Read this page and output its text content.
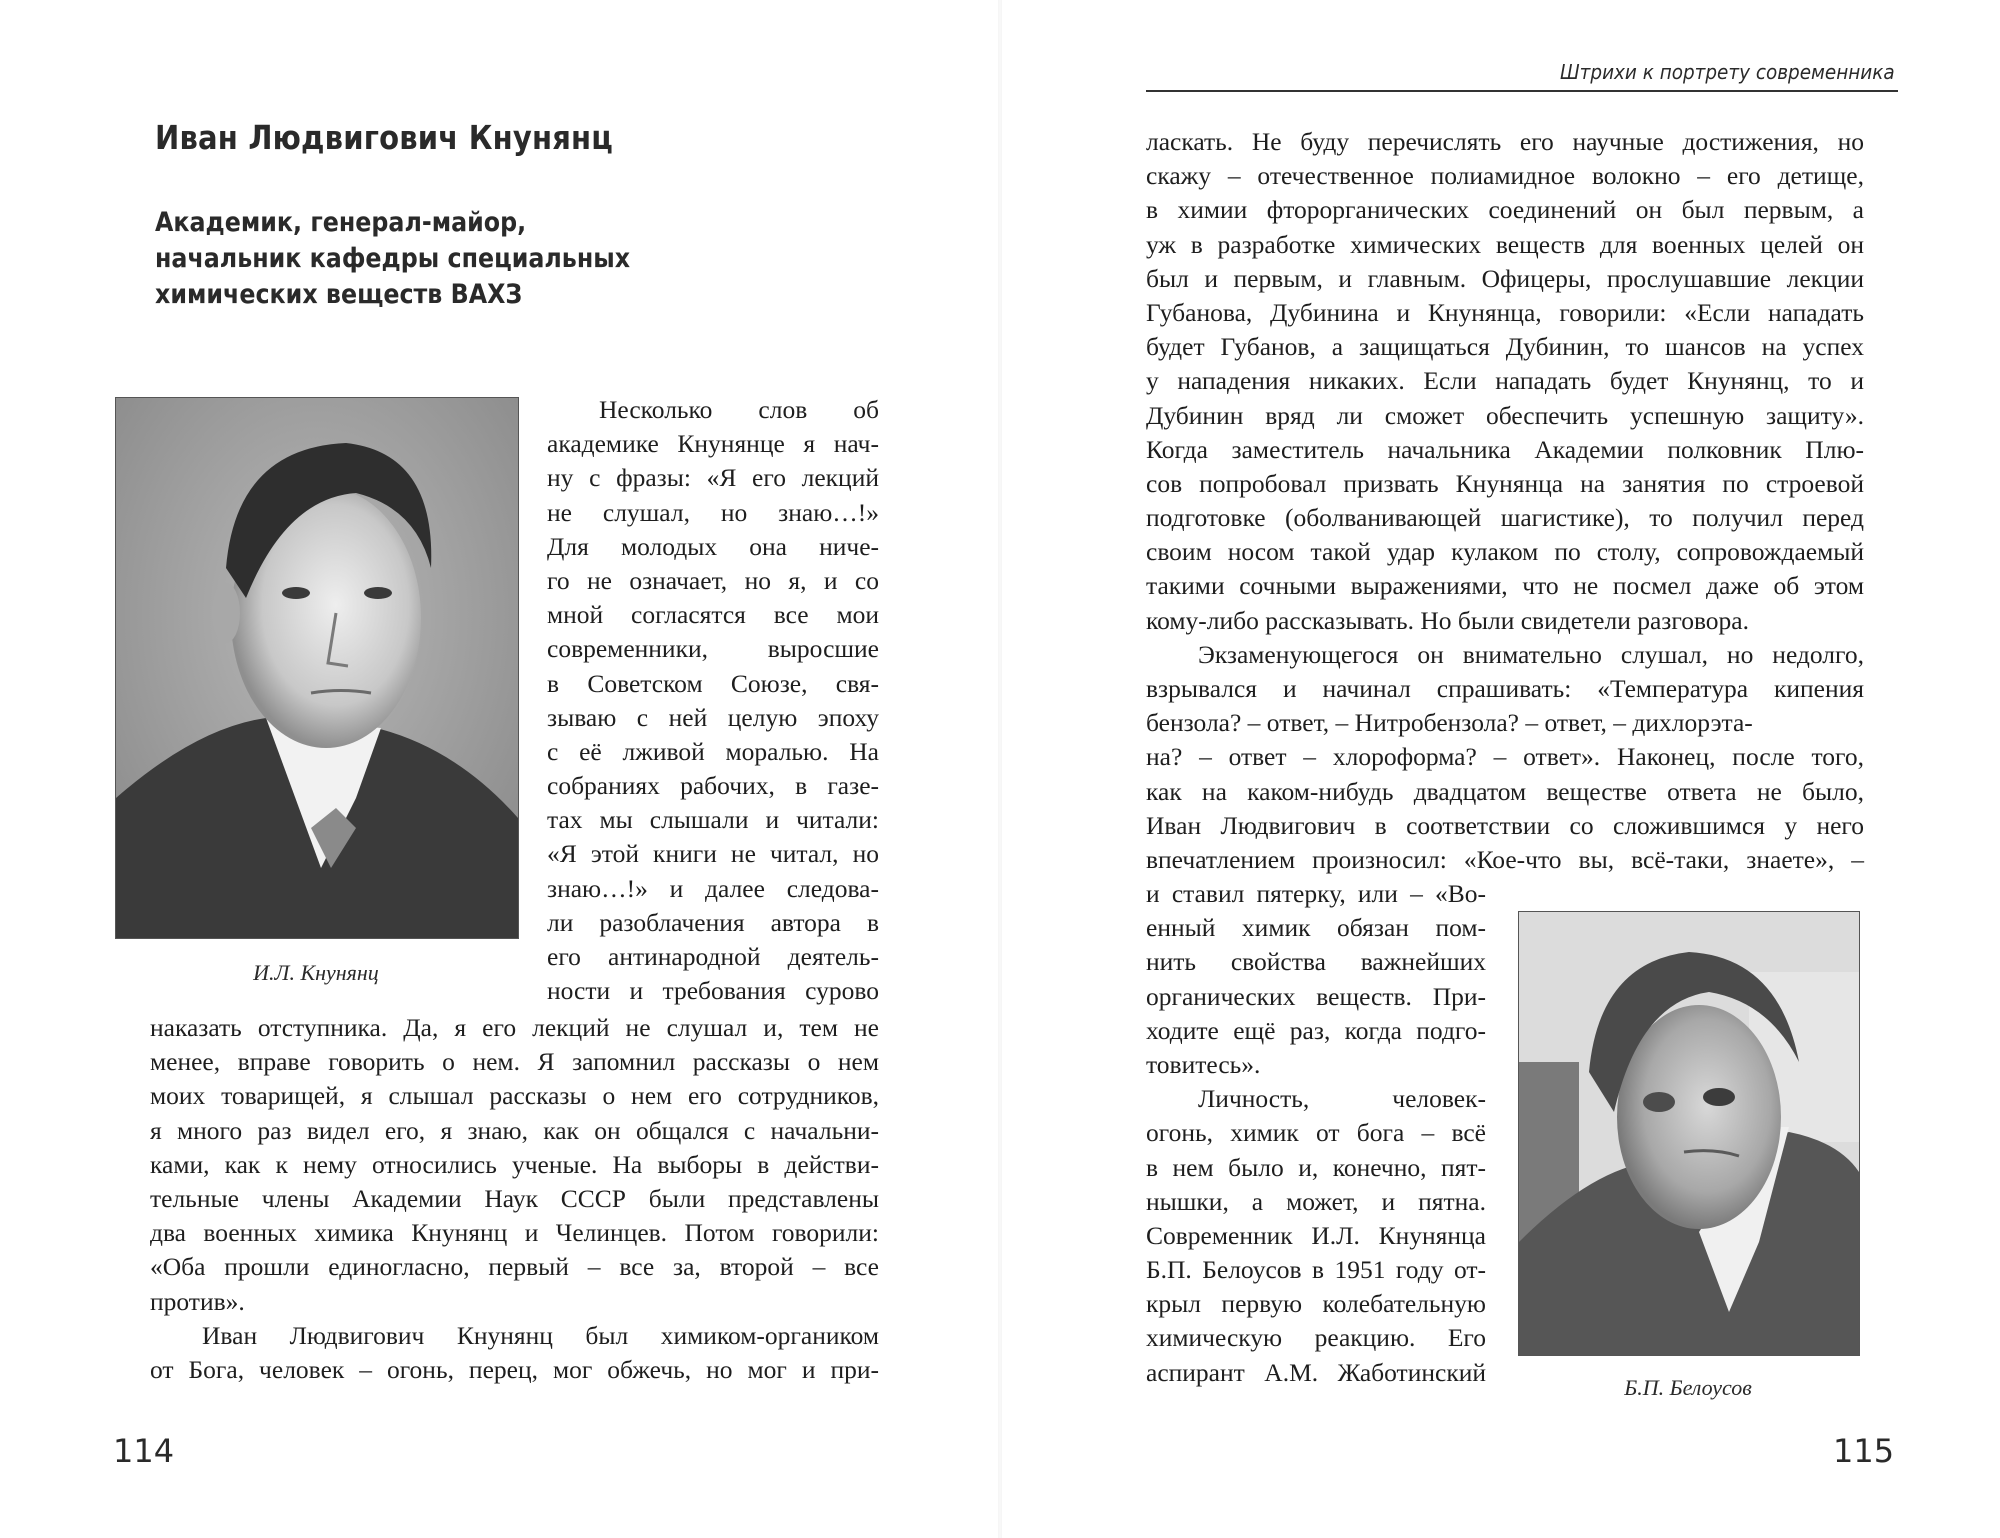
Иван Людвигович Кнунянц
Академик, генерал-майор,
начальник кафедры специальных
химических веществ ВАХЗ
И.Л. Кнунянц
Несколько слов об
академике Кнунянце я нач-
ну с фразы: «Я его лекций
не слушал, но знаю…!»
Для молодых она ниче-
го не означает, но я, и со
мной согласятся все мои
современники, выросшие
в Советском Союзе, свя-
зываю с ней целую эпоху
с её лживой моралью. На
собраниях рабочих, в газе-
тах мы слышали и читали:
«Я этой книги не читал, но
знаю…!» и далее следова-
ли разоблачения автора в
его антинародной деятель-
ности и требования сурово
наказать отступника. Да, я его лекций не слушал и, тем не
менее, вправе говорить о нем. Я запомнил рассказы о нем
моих товарищей, я слышал рассказы о нем его сотрудников,
я много раз видел его, я знаю, как он общался с начальни-
ками, как к нему относились ученые. На выборы в действи-
тельные члены Академии Наук СССР были представлены
два военных химика Кнунянц и Челинцев. Потом говорили:
«Оба прошли единогласно, первый – все за, второй – все
против».
Иван Людвигович Кнунянц был химиком-органиком
от Бога, человек – огонь, перец, мог обжечь, но мог и при-
114
Штрихи к портрету современника
ласкать. Не буду перечислять его научные достижения, но
скажу – отечественное полиамидное волокно – его детище,
в химии фторорганических соединений он был первым, а
уж в разработке химических веществ для военных целей он
был и первым, и главным. Офицеры, прослушавшие лекции
Губанова, Дубинина и Кнунянца, говорили: «Если нападать
будет Губанов, а защищаться Дубинин, то шансов на успех
у нападения никаких. Если нападать будет Кнунянц, то и
Дубинин вряд ли сможет обеспечить успешную защиту».
Когда заместитель начальника Академии полковник Плю-
сов попробовал призвать Кнунянца на занятия по строевой
подготовке (оболванивающей шагистике), то получил перед
своим носом такой удар кулаком по столу, сопровождаемый
такими сочными выражениями, что не посмел даже об этом
кому-либо рассказывать. Но были свидетели разговора.
Экзаменующегося он внимательно слушал, но недолго,
взрывался и начинал спрашивать: «Температура кипения
бензола? – ответ, – Нитробензола? – ответ, – дихлорэта-
на? – ответ – хлороформа? – ответ». Наконец, после того,
как на каком-нибудь двадцатом веществе ответа не было,
Иван Людвигович в соответствии со сложившимся у него
впечатлением произносил: «Кое-что вы, всё-таки, знаете», –
и ставил пятерку, или – «Во-
енный химик обязан пом-
нить свойства важнейших
органических веществ. При-
ходите ещё раз, когда подго-
товитесь».
Личность, человек-
огонь, химик от бога – всё
в нем было и, конечно, пят-
нышки, а может, и пятна.
Современник И.Л. Кнунянца
Б.П. Белоусов в 1951 году от-
крыл первую колебательную
химическую реакцию. Его
аспирант А.М. Жаботинский
Б.П. Белоусов
115
